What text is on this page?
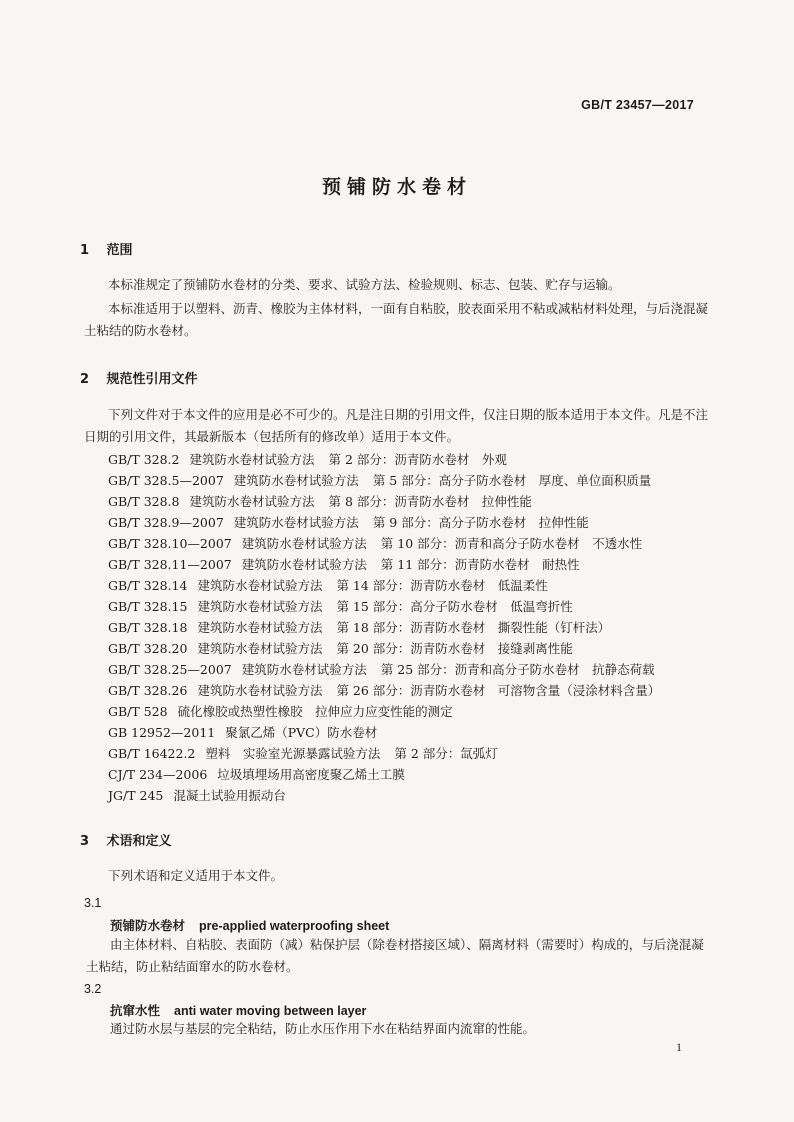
GB/T 23457—2017
预铺防水卷材
1 范围

本标准规定了预铺防水卷材的分类、要求、试验方法、检验规则、标志、包装、贮存与运输。

本标准适用于以塑料、沥青、橡胶为主体材料，一面有自粘胶，胶表面采用不粘或减粘材料处理，与后浇混凝土粘结的防水卷材。

2 规范性引用文件

下列文件对于本文件的应用是必不可少的。凡是注日期的引用文件，仅注日期的版本适用于本文件。凡是不注日期的引用文件，其最新版本（包括所有的修改单）适用于本文件。

GB/T 328.2 建筑防水卷材试验方法 第 2 部分：沥青防水卷材　外观
GB/T 328.5—2007 建筑防水卷材试验方法 第 5 部分：高分子防水卷材　厚度、单位面积质量
GB/T 328.8 建筑防水卷材试验方法 第 8 部分：沥青防水卷材　拉伸性能
GB/T 328.9—2007 建筑防水卷材试验方法 第 9 部分：高分子防水卷材　拉伸性能
GB/T 328.10—2007 建筑防水卷材试验方法 第 10 部分：沥青和高分子防水卷材　不透水性
GB/T 328.11—2007 建筑防水卷材试验方法 第 11 部分：沥青防水卷材　耐热性
GB/T 328.14 建筑防水卷材试验方法 第 14 部分：沥青防水卷材　低温柔性
GB/T 328.15 建筑防水卷材试验方法 第 15 部分：高分子防水卷材　低温弯折性
GB/T 328.18 建筑防水卷材试验方法 第 18 部分：沥青防水卷材　撕裂性能（钉杆法）
GB/T 328.20 建筑防水卷材试验方法 第 20 部分：沥青防水卷材　接缝剥离性能
GB/T 328.25—2007 建筑防水卷材试验方法 第 25 部分：沥青和高分子防水卷材　抗静态荷载
GB/T 328.26 建筑防水卷材试验方法 第 26 部分：沥青防水卷材　可溶物含量（浸涂材料含量）
GB/T 528 硫化橡胶或热塑性橡胶　拉伸应力应变性能的测定
GB 12952—2011 聚氯乙烯（PVC）防水卷材
GB/T 16422.2 塑料　实验室光源暴露试验方法 第 2 部分：氙弧灯
CJ/T 234—2006 垃圾填埋场用高密度聚乙烯土工膜
JG/T 245 混凝土试验用振动台
3 术语和定义

下列术语和定义适用于本文件。

3.1
预铺防水卷材 pre-applied waterproofing sheet

由主体材料、自粘胶、表面防（减）粘保护层（除卷材搭接区域）、隔离材料（需要时）构成的，与后浇混凝土粘结，防止粘结面窜水的防水卷材。

3.2
抗窜水性 anti water moving between layer

通过防水层与基层的完全粘结，防止水压作用下水在粘结界面内流窜的性能。

1
